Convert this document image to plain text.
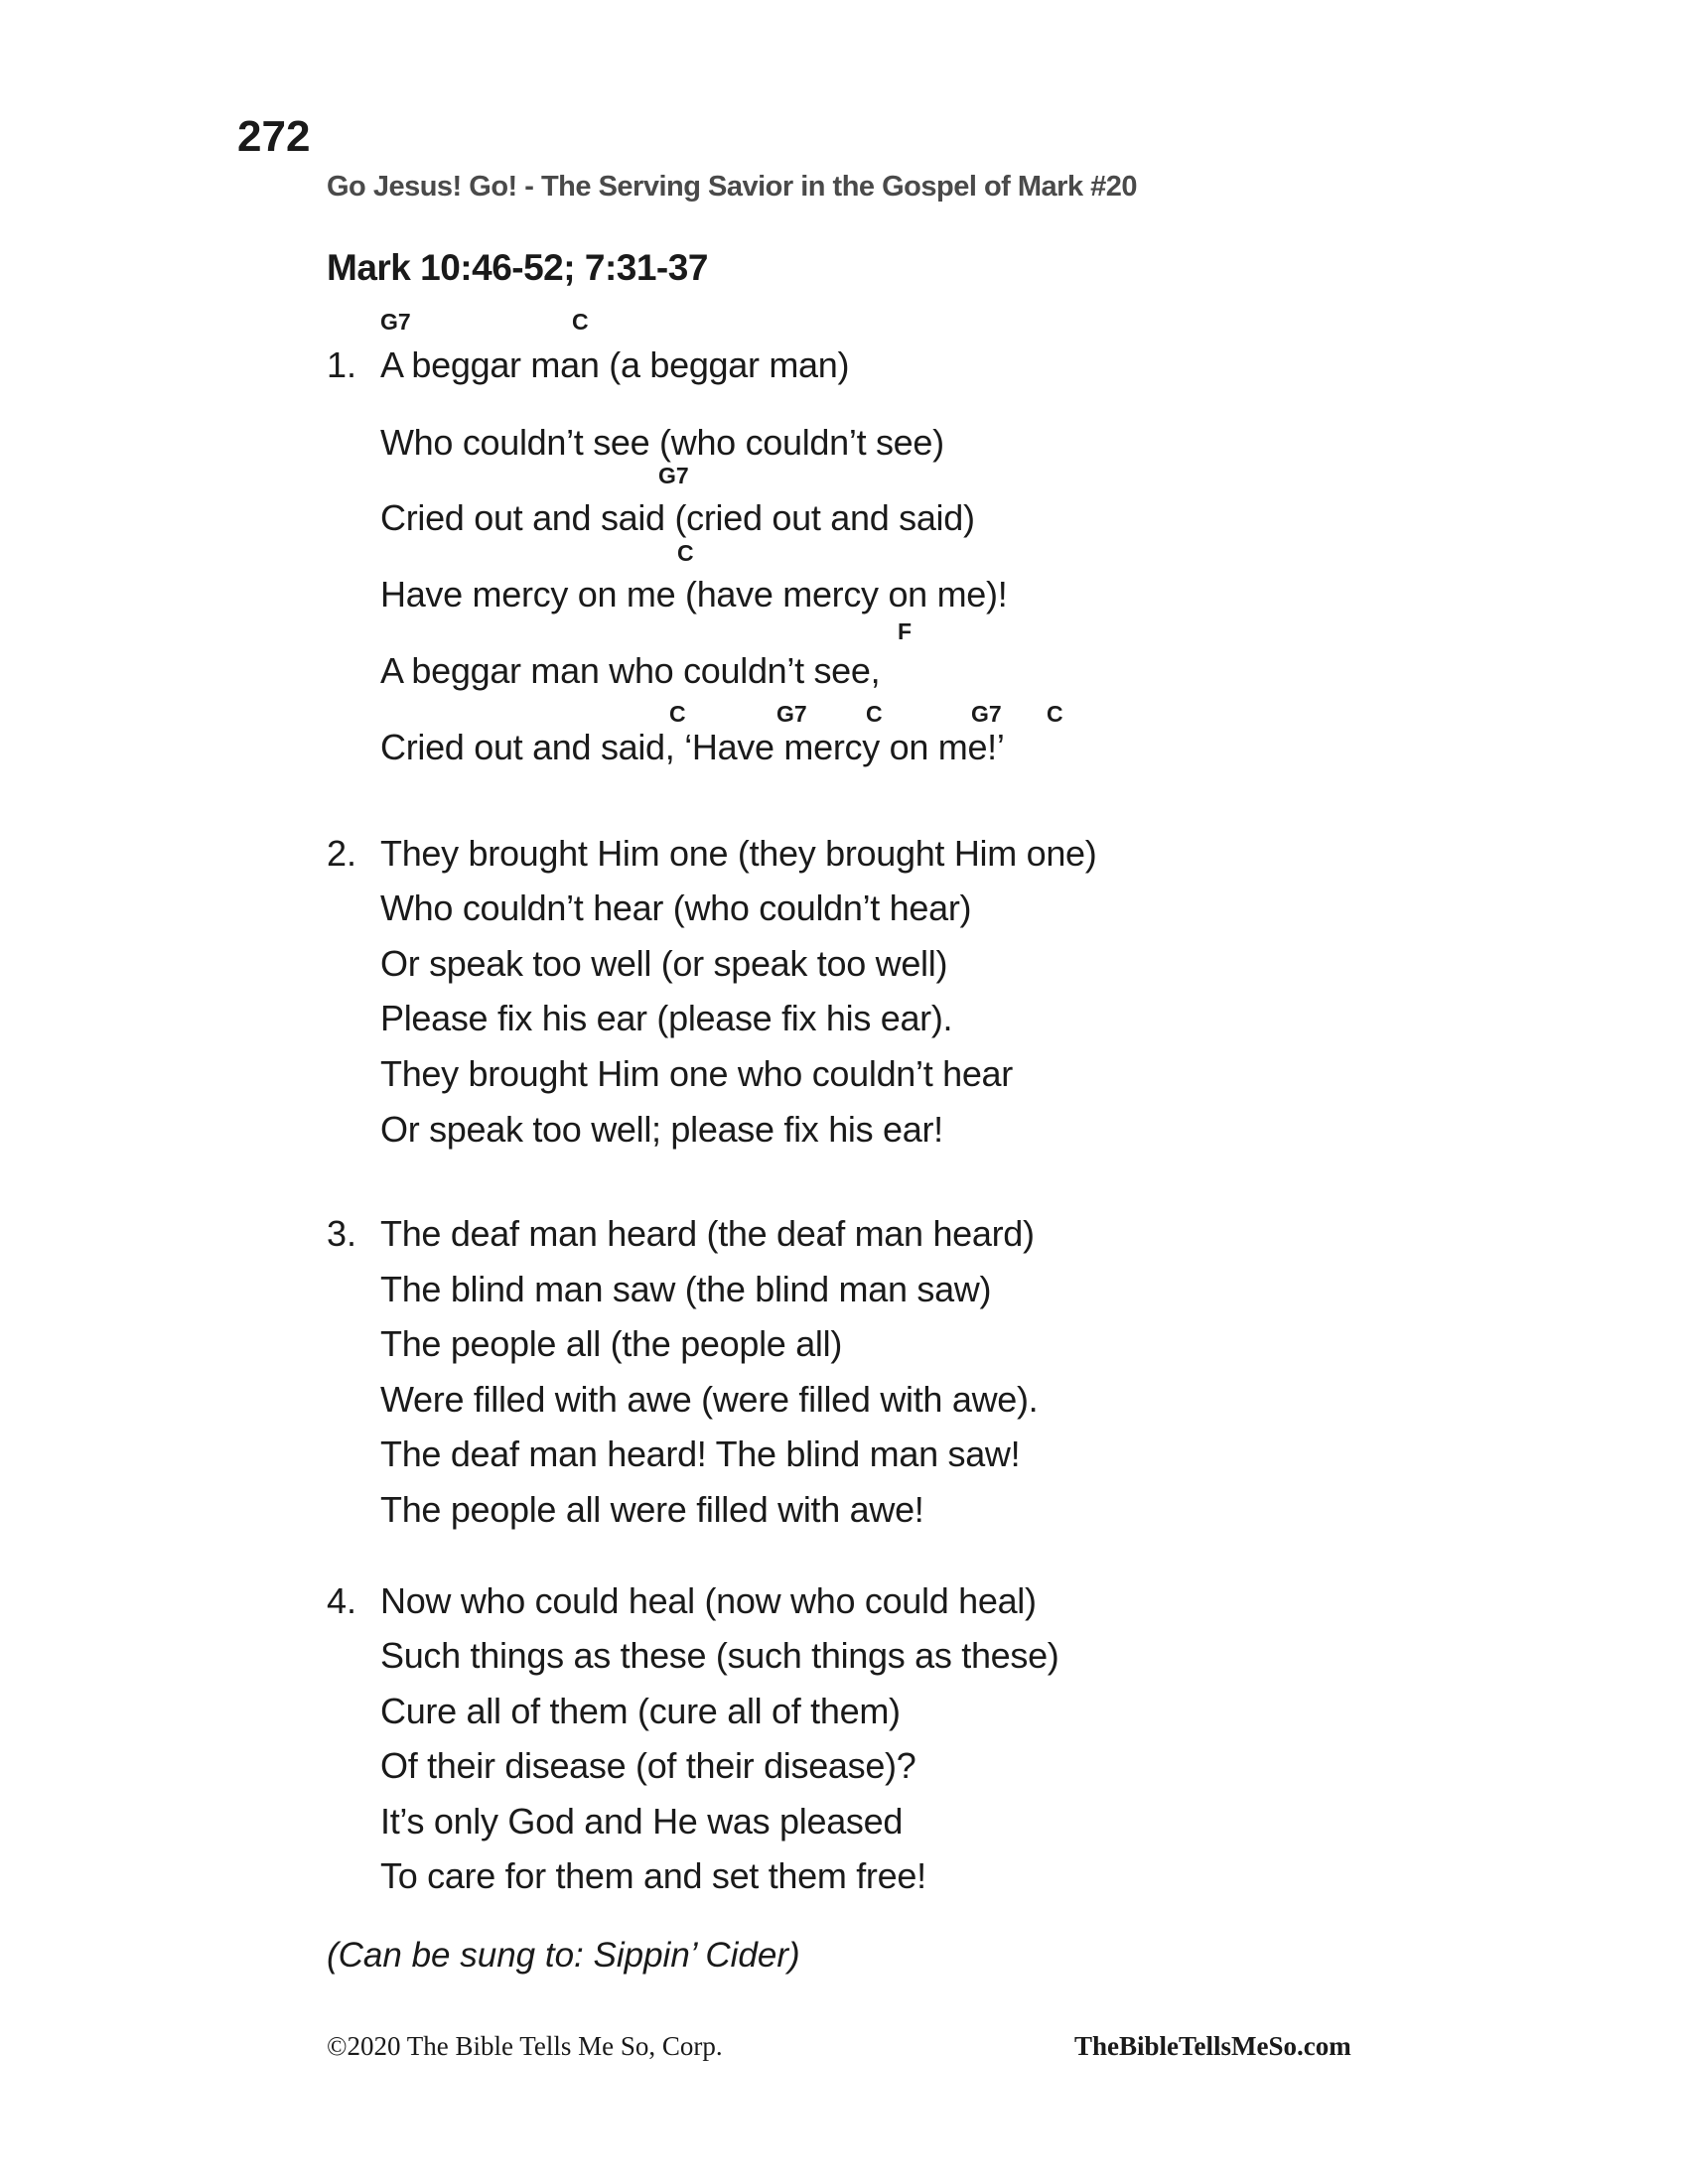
272
Go Jesus! Go! - The Serving Savior in the Gospel of Mark #20
Mark 10:46-52; 7:31-37
G7	C
G7
C
F
C	G7	C	G7 C
1. A beggar man (a beggar man)
Who couldn’t see (who couldn’t see)
Cried out and said (cried out and said)
Have mercy on me (have mercy on me)!
A beggar man who couldn’t see,
Cried out and said, ‘Have mercy on me!’
2. They brought Him one (they brought Him one)
Who couldn’t hear (who couldn’t hear)
Or speak too well (or speak too well)
Please fix his ear (please fix his ear).
They brought Him one who couldn’t hear
Or speak too well; please fix his ear!
3. The deaf man heard (the deaf man heard)
The blind man saw (the blind man saw)
The people all (the people all)
Were filled with awe (were filled with awe).
The deaf man heard! The blind man saw!
The people all were filled with awe!
4. Now who could heal (now who could heal)
Such things as these (such things as these)
Cure all of them (cure all of them)
Of their disease (of their disease)?
It’s only God and He was pleased
To care for them and set them free!
(Can be sung to: Sippin’ Cider)
©2020 The Bible Tells Me So, Corp.	TheBibleTellsMeSo.com
